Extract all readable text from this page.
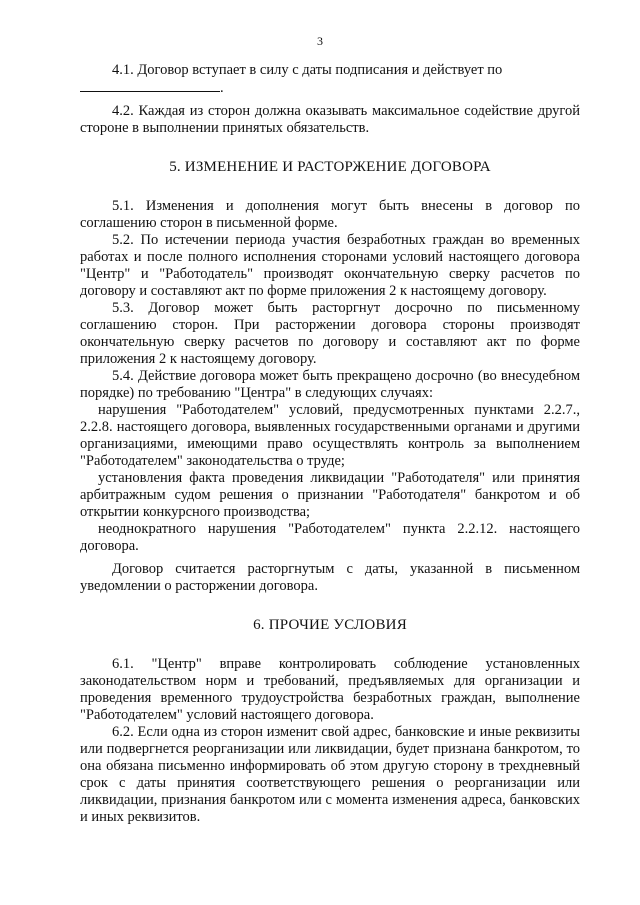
3

4.1. Договор вступает в силу с даты подписания и действует по

.

4.2. Каждая из сторон должна оказывать максимальное содействие другой стороне в выполнении принятых обязательств.

5. ИЗМЕНЕНИЕ И РАСТОРЖЕНИЕ ДОГОВОРА

5.1. Изменения и дополнения могут быть внесены в договор по соглашению сторон в письменной форме.

5.2. По истечении периода участия безработных граждан во временных работах и после полного исполнения сторонами условий настоящего договора "Центр" и "Работодатель" производят окончательную сверку расчетов по договору и составляют акт по форме приложения 2 к настоящему договору.

5.3. Договор может быть расторгнут досрочно по письменному соглашению сторон. При расторжении договора стороны производят окончательную сверку расчетов по договору и составляют акт по форме приложения 2 к настоящему договору.

5.4. Действие договора может быть прекращено досрочно (во внесудебном порядке) по требованию "Центра" в следующих случаях:

нарушения "Работодателем" условий, предусмотренных пунктами 2.2.7., 2.2.8. настоящего договора, выявленных государственными органами и другими организациями, имеющими право осуществлять контроль за выполнением "Работодателем" законодательства о труде;

установления факта проведения ликвидации "Работодателя" или принятия арбитражным судом решения о признании "Работодателя" банкротом и об открытии конкурсного производства;

неоднократного нарушения "Работодателем" пункта 2.2.12. настоящего договора.

Договор считается расторгнутым с даты, указанной в письменном уведомлении о расторжении договора.

6. ПРОЧИЕ УСЛОВИЯ

6.1. "Центр" вправе контролировать соблюдение установленных законодательством норм и требований, предъявляемых для организации и проведения временного трудоустройства безработных граждан, выполнение "Работодателем" условий настоящего договора.

6.2. Если одна из сторон изменит свой адрес, банковские и иные реквизиты или подвергнется реорганизации или ликвидации, будет признана банкротом, то она обязана письменно информировать об этом другую сторону в трехдневный срок с даты принятия соответствующего решения о реорганизации или ликвидации, признания банкротом или с момента изменения адреса, банковских и иных реквизитов.
